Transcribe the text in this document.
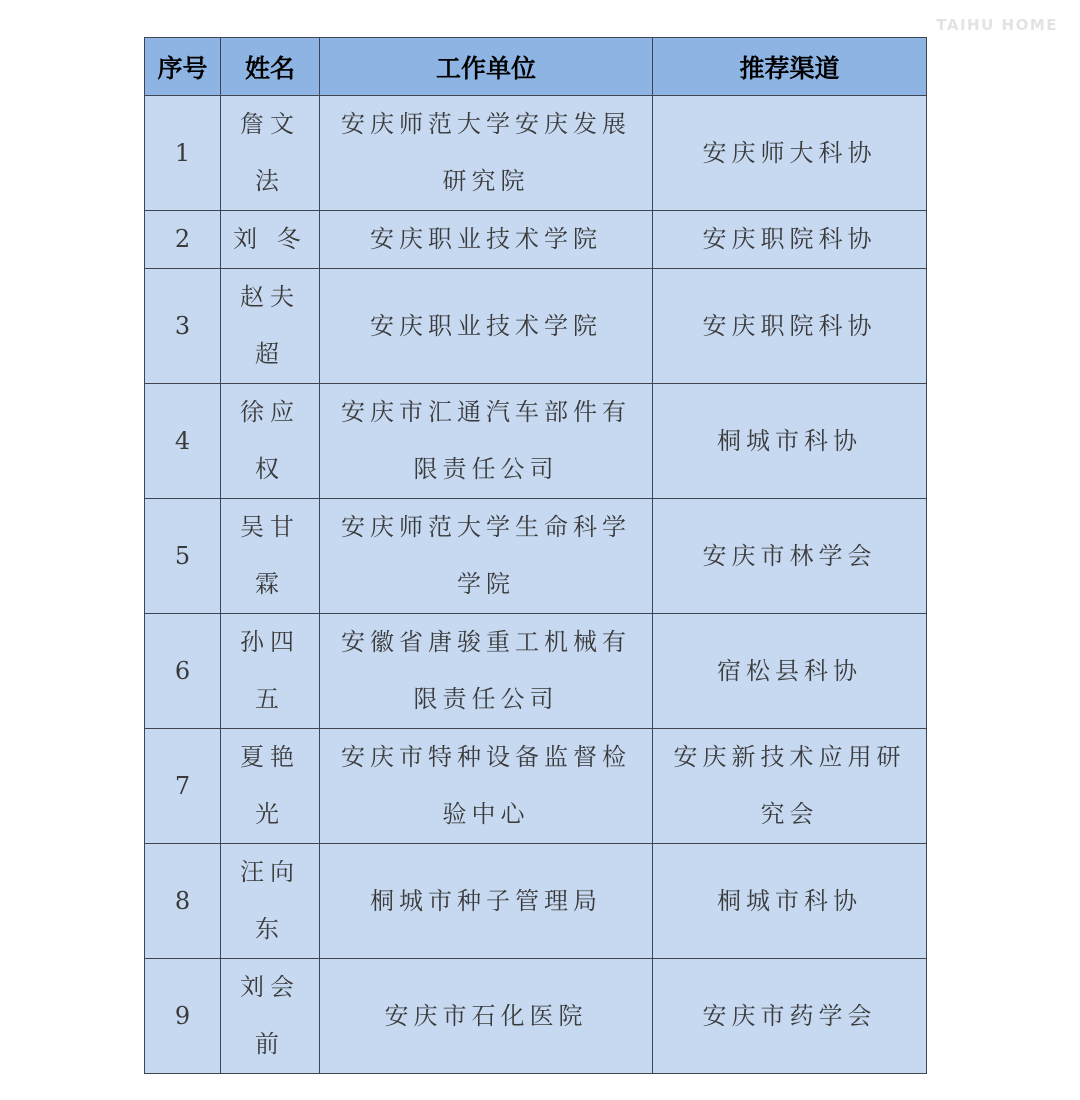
TAIHU HOME
序号	姓名	工作单位	推荐渠道
1	詹文法	安庆师范大学安庆发展研究院	安庆师大科协
2	刘 冬	安庆职业技术学院	安庆职院科协
3	赵夫超	安庆职业技术学院	安庆职院科协
4	徐应权	安庆市汇通汽车部件有限责任公司	桐城市科协
5	吴甘霖	安庆师范大学生命科学学院	安庆市林学会
6	孙四五	安徽省唐骏重工机械有限责任公司	宿松县科协
7	夏艳光	安庆市特种设备监督检验中心	安庆新技术应用研究会
8	汪向东	桐城市种子管理局	桐城市科协
9	刘会前	安庆市石化医院	安庆市药学会
